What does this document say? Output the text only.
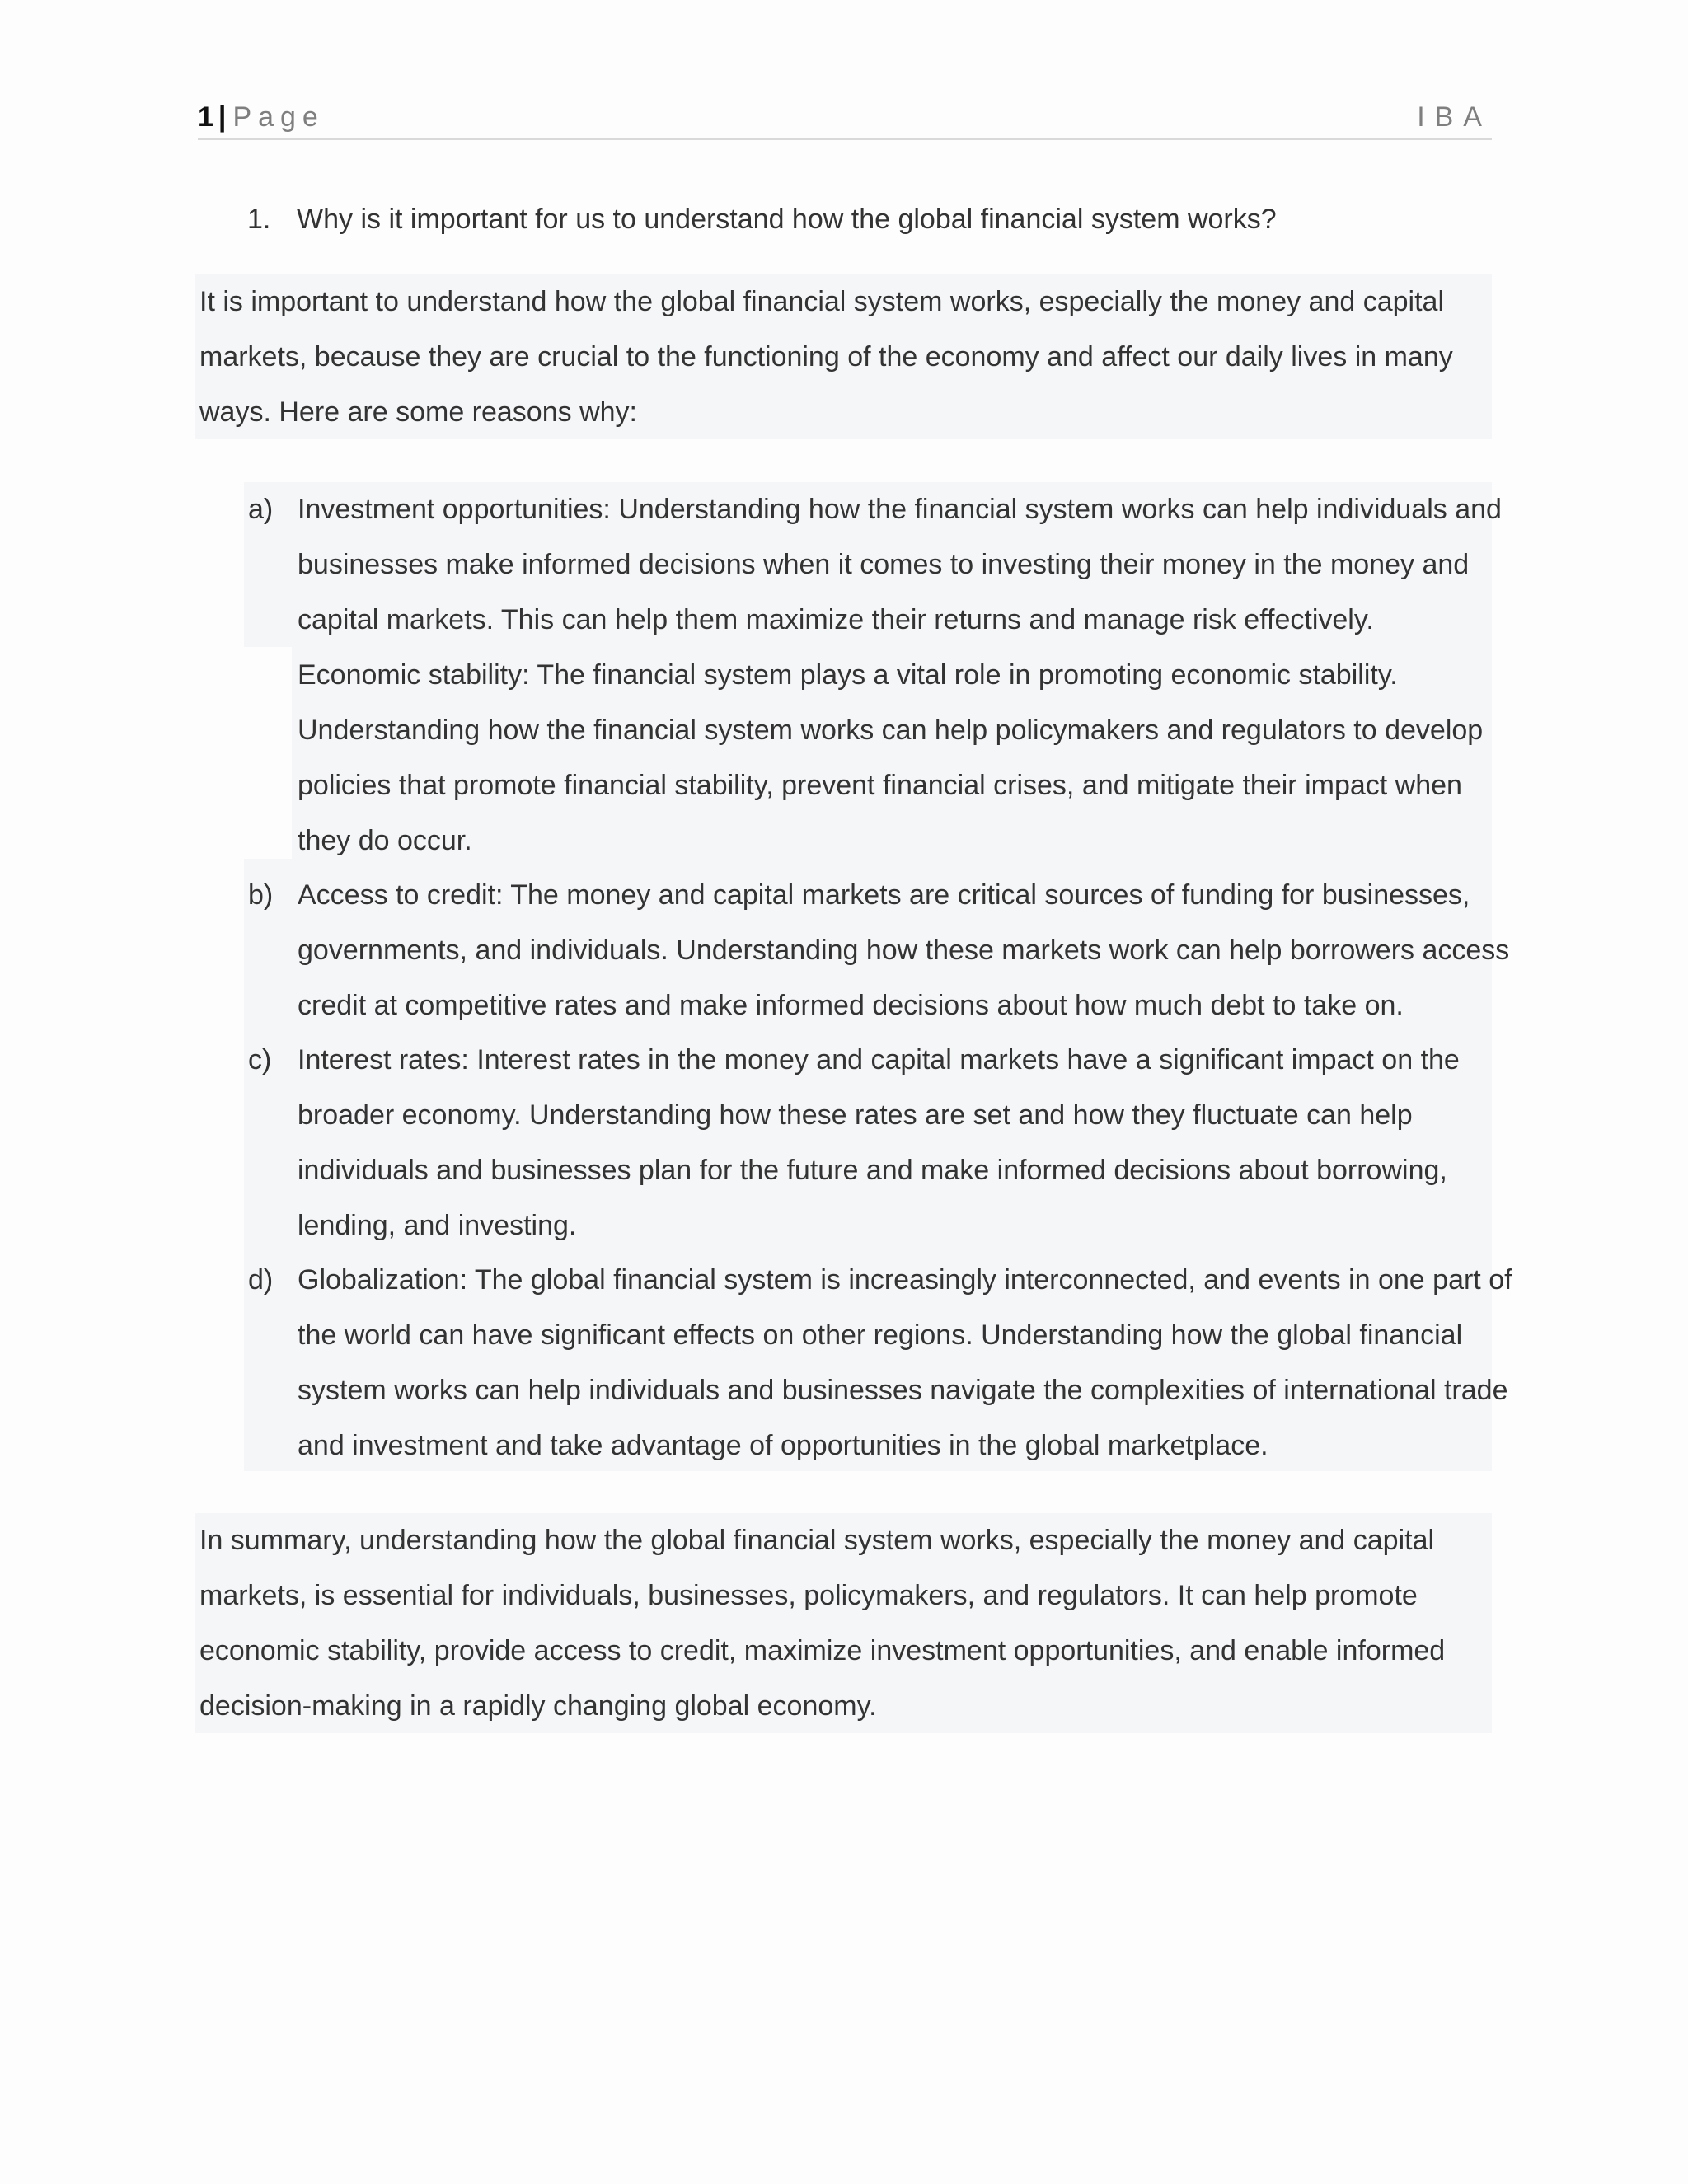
1 | Page	IBA
1. Why is it important for us to understand how the global financial system works?
It is important to understand how the global financial system works, especially the money and capital
markets, because they are crucial to the functioning of the economy and affect our daily lives in many
ways. Here are some reasons why:
a) Investment opportunities: Understanding how the financial system works can help individuals and
businesses make informed decisions when it comes to investing their money in the money and
capital markets. This can help them maximize their returns and manage risk effectively.
Economic stability: The financial system plays a vital role in promoting economic stability.
Understanding how the financial system works can help policymakers and regulators to develop
policies that promote financial stability, prevent financial crises, and mitigate their impact when
they do occur.
b) Access to credit: The money and capital markets are critical sources of funding for businesses,
governments, and individuals. Understanding how these markets work can help borrowers access
credit at competitive rates and make informed decisions about how much debt to take on.
c) Interest rates: Interest rates in the money and capital markets have a significant impact on the
broader economy. Understanding how these rates are set and how they fluctuate can help
individuals and businesses plan for the future and make informed decisions about borrowing,
lending, and investing.
d) Globalization: The global financial system is increasingly interconnected, and events in one part of
the world can have significant effects on other regions. Understanding how the global financial
system works can help individuals and businesses navigate the complexities of international trade
and investment and take advantage of opportunities in the global marketplace.
In summary, understanding how the global financial system works, especially the money and capital
markets, is essential for individuals, businesses, policymakers, and regulators. It can help promote
economic stability, provide access to credit, maximize investment opportunities, and enable informed
decision-making in a rapidly changing global economy.
